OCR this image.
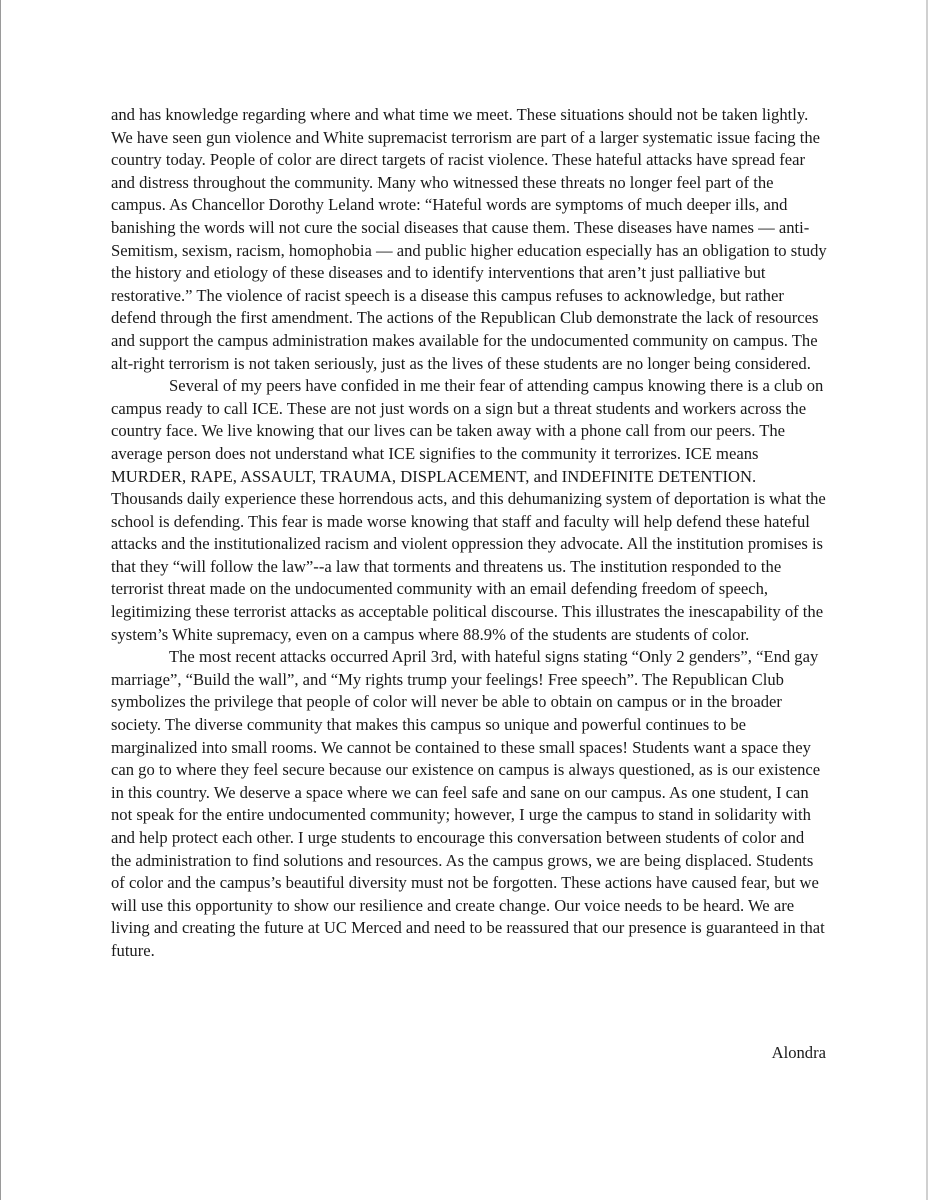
and has knowledge regarding where and what time we meet. These situations should not be taken lightly. We have seen gun violence and White supremacist terrorism are part of a larger systematic issue facing the country today. People of color are direct targets of racist violence. These hateful attacks have spread fear and distress throughout the community. Many who witnessed these threats no longer feel part of the campus. As Chancellor Dorothy Leland wrote: “Hateful words are symptoms of much deeper ills, and banishing the words will not cure the social diseases that cause them. These diseases have names — anti-Semitism, sexism, racism, homophobia — and public higher education especially has an obligation to study the history and etiology of these diseases and to identify interventions that aren’t just palliative but restorative.” The violence of racist speech is a disease this campus refuses to acknowledge, but rather defend through the first amendment. The actions of the Republican Club demonstrate the lack of resources and support the campus administration makes available for the undocumented community on campus. The alt-right terrorism is not taken seriously, just as the lives of these students are no longer being considered.

Several of my peers have confided in me their fear of attending campus knowing there is a club on campus ready to call ICE. These are not just words on a sign but a threat students and workers across the country face. We live knowing that our lives can be taken away with a phone call from our peers. The average person does not understand what ICE signifies to the community it terrorizes. ICE means MURDER, RAPE, ASSAULT, TRAUMA, DISPLACEMENT, and INDEFINITE DETENTION. Thousands daily experience these horrendous acts, and this dehumanizing system of deportation is what the school is defending. This fear is made worse knowing that staff and faculty will help defend these hateful attacks and the institutionalized racism and violent oppression they advocate. All the institution promises is that they “will follow the law”--a law that torments and threatens us. The institution responded to the terrorist threat made on the undocumented community with an email defending freedom of speech, legitimizing these terrorist attacks as acceptable political discourse. This illustrates the inescapability of the system’s White supremacy, even on a campus where 88.9% of the students are students of color.

The most recent attacks occurred April 3rd, with hateful signs stating “Only 2 genders”, “End gay marriage”, “Build the wall”, and “My rights trump your feelings! Free speech”. The Republican Club symbolizes the privilege that people of color will never be able to obtain on campus or in the broader society. The diverse community that makes this campus so unique and powerful continues to be marginalized into small rooms. We cannot be contained to these small spaces! Students want a space they can go to where they feel secure because our existence on campus is always questioned, as is our existence in this country. We deserve a space where we can feel safe and sane on our campus. As one student, I can not speak for the entire undocumented community; however, I urge the campus to stand in solidarity with and help protect each other. I urge students to encourage this conversation between students of color and the administration to find solutions and resources. As the campus grows, we are being displaced. Students of color and the campus’s beautiful diversity must not be forgotten. These actions have caused fear, but we will use this opportunity to show our resilience and create change. Our voice needs to be heard. We are living and creating the future at UC Merced and need to be reassured that our presence is guaranteed in that future.

Alondra
